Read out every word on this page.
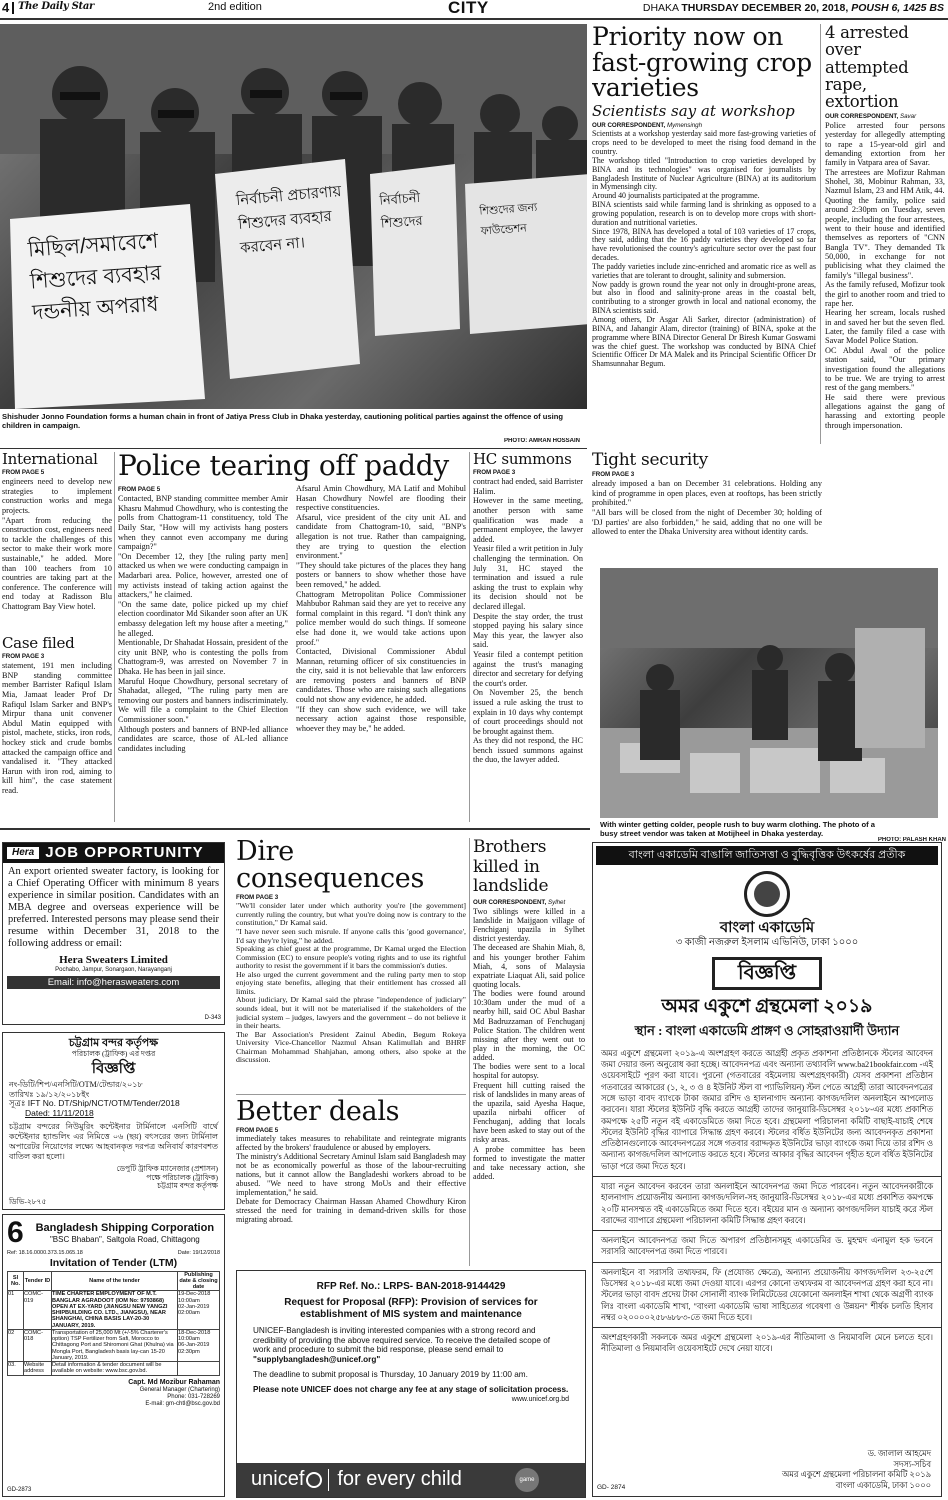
4 The Daily Star	2nd edition	CITY	DHAKA THURSDAY DECEMBER 20, 2018, POUSH 6, 1425 BS
মিছিল/সমাবেশে শিশুদের ব্যবহার দন্ডনীয় অপরাধ
নির্বাচনী প্রচারণায় শিশুদের ব্যবহার করবেন না।
নির্বাচনী শিশুদের
শিশুদের জন্য ফাউন্ডেশন
Shishuder Jonno Foundation forms a human chain in front of Jatiya Press Club in Dhaka yesterday, cautioning political parties against the offence of using children in campaign.
PHOTO: AMRAN HOSSAIN
Priority now on fast-growing crop varieties
Scientists say at workshop
OUR CORRESPONDENT, Mymensingh
Scientists at a workshop yesterday said more fast-growing varieties of crops need to be developed to meet the rising food demand in the country.
The workshop titled "Introduction to crop varieties developed by BINA and its technologies" was organised for journalists by Bangladesh Institute of Nuclear Agriculture (BINA) at its auditorium in Mymensingh city.
Around 40 journalists participated at the programme.
BINA scientists said while farming land is shrinking as opposed to a growing population, research is on to develop more crops with short-duration and nutritional varieties.
Since 1978, BINA has developed a total of 103 varieties of 17 crops, they said, adding that the 16 paddy varieties they developed so far have revolutionised the country's agriculture sector over the past four decades.
The paddy varieties include zinc-enriched and aromatic rice as well as varieties that are tolerant to drought, salinity and submersion.
Now paddy is grown round the year not only in drought-prone areas, but also in flood and salinity-prone areas in the coastal belt, contributing to a stronger growth in local and national economy, the BINA scientists said.
Among others, Dr Asgar Ali Sarker, director (administration) of BINA, and Jahangir Alam, director (training) of BINA, spoke at the programme where BINA Director General Dr Biresh Kumar Goswami was the chief guest. The workshop was conducted by BINA Chief Scientific Officer Dr MA Malek and its Principal Scientific Officer Dr Shamsunnahar Begum.
4 arrested over attempted rape, extortion
OUR CORRESPONDENT, Savar
Police arrested four persons yesterday for allegedly attempting to rape a 15-year-old girl and demanding extortion from her family in Vatpara area of Savar.
The arrestees are Mofizur Rahman Shohel, 38, Mobinur Rahman, 33, Nazmul Islam, 23 and HM Atik, 44.
Quoting the family, police said around 2:30pm on Tuesday, seven people, including the four arrestees, went to their house and identified themselves as reporters of "CNN Bangla TV". They demanded Tk 50,000, in exchange for not publicising what they claimed the family's "illegal business".
As the family refused, Mofizur took the girl to another room and tried to rape her.
Hearing her scream, locals rushed in and saved her but the seven fled. Later, the family filed a case with Savar Model Police Station.
OC Abdul Awal of the police station said, "Our primary investigation found the allegations to be true. We are trying to arrest rest of the gang members."
He said there were previous allegations against the gang of harassing and extorting people through impersonation.
International
FROM PAGE 5
engineers need to develop new strategies to implement construction works and mega projects.
"Apart from reducing the construction cost, engineers need to tackle the challenges of this sector to make their work more sustainable," he added. More than 100 teachers from 10 countries are taking part at the conference. The conference will end today at Radisson Blu Chattogram Bay View hotel.
Case filed
FROM PAGE 3
statement, 191 men including BNP standing committee member Barrister Rafiqul Islam Mia, Jamaat leader Prof Dr Rafiqul Islam Sarker and BNP's Mirpur thana unit convener Abdul Matin equipped with pistol, machete, sticks, iron rods, hockey stick and crude bombs attacked the campaign office and vandalised it. "They attacked Harun with iron rod, aiming to kill him", the case statement read.
Police tearing off paddy
FROM PAGE 5
Contacted, BNP standing committee member Amir Khasru Mahmud Chowdhury, who is contesting the polls from Chattogram-11 constituency, told The Daily Star, "How will my activists hang posters when they cannot even accompany me during campaign?"
"On December 12, they [the ruling party men] attacked us when we were conducting campaign in Madarbari area. Police, however, arrested one of my activists instead of taking action against the attackers," he claimed.
"On the same date, police picked up my chief election coordinator Md Sikander soon after an UK embassy delegation left my house after a meeting," he alleged.
Mentionable, Dr Shahadat Hossain, president of the city unit BNP, who is contesting the polls from Chattogram-9, was arrested on November 7 in Dhaka. He has been in jail since.
Maruful Hoque Chowdhury, personal secretary of Shahadat, alleged, "The ruling party men are removing our posters and banners indiscriminately. We will file a complaint to the Chief Election Commissioner soon."
Although posters and banners of BNP-led alliance candidates are scarce, those of AL-led alliance candidates including
Afsarul Amin Chowdhury, MA Latif and Mohibul Hasan Chowdhury Nowfel are flooding their respective constituencies.
Afsarul, vice president of the city unit AL and candidate from Chattogram-10, said, "BNP's allegation is not true. Rather than campaigning, they are trying to question the election environment."
"They should take pictures of the places they hang posters or banners to show whether those have been removed," he added.
Chattogram Metropolitan Police Commissioner Mahbubor Rahman said they are yet to receive any formal complaint in this regard. "I don't think any police member would do such things. If someone else had done it, we would take actions upon proof."
Contacted, Divisional Commissioner Abdul Mannan, returning officer of six constituencies in the city, said it is not believable that law enforcers are removing posters and banners of BNP candidates. Those who are raising such allegations could not show any evidence, he added.
"If they can show such evidence, we will take necessary action against those responsible, whoever they may be," he added.
HC summons
FROM PAGE 3
contract had ended, said Barrister Halim.
However in the same meeting, another person with same qualification was made a permanent employee, the lawyer added.
Yeasir filed a writ petition in July challenging the termination. On July 31, HC stayed the termination and issued a rule asking the trust to explain why its decision should not be declared illegal.
Despite the stay order, the trust stopped paying his salary since May this year, the lawyer also said.
Yeasir filed a contempt petition against the trust's managing director and secretary for defying the court's order.
On November 25, the bench issued a rule asking the trust to explain in 10 days why contempt of court proceedings should not be brought against them.
As they did not respond, the HC bench issued summons against the duo, the lawyer added.
Tight security
FROM PAGE 3
already imposed a ban on December 31 celebrations. Holding any kind of programme in open places, even at rooftops, has been strictly prohibited."
"All bars will be closed from the night of December 30; holding of 'DJ parties' are also forbidden," he said, adding that no one will be allowed to enter the Dhaka University area without identity cards.
With winter getting colder, people rush to buy warm clothing. The photo of a busy street vendor was taken at Motijheel in Dhaka yesterday.
PHOTO: PALASH KHAN
Hera JOB OPPORTUNITY
An export oriented sweater factory, is looking for a Chief Operating Officer with minimum 8 years experience in similar position. Candidates with an MBA degree and overseas experience will be preferred. Interested persons may please send their resume within December 31, 2018 to the following address or email:
Hera Sweaters Limited
Pochabo, Jampur, Sonargaon, Narayanganj
Email: info@herasweaters.com
D-343
চট্টগ্রাম বন্দর কর্তৃপক্ষ
পরিচালক (ট্রাফিক) এর দপ্তর
বিজ্ঞপ্তি
নং-ডিটি/শিপ/এনসিটি/OTM/টেন্ডার/২০১৮
তারিখঃ ১৯/১২/২০১৮ইং
সূত্রঃ IFT No. DT/Ship/NCT/OTM/Tender/2018
Dated: 11/11/2018
চট্টগ্রাম বন্দরের নিউমুরিং কন্টেইনার টার্মিনালে এনসিটি বার্থে কন্টেইনার হ্যান্ডলিং এর নিমিত্তে ০৬ (ছয়) বৎসরের জন্য টার্মিনাল অপারেটর নিয়োগের লক্ষ্যে আহবানকৃত দরপত্র অনিবার্য কারণবশত বাতিল করা হলো।
ডেপুটি ট্রাফিক ম্যানেজার (প্রশাসন)
পক্ষে পরিচালক (ট্রাফিক)
চট্টগ্রাম বন্দর কর্তৃপক্ষ
ডিভি-২৮৭৫
6	Bangladesh Shipping Corporation
"BSC Bhaban", Saltgola Road, Chittagong
Ref: 18.16.0000.373.15.065.18	Date: 19/12/2018
Invitation of Tender (LTM)
Sl No.	Tender ID	Name of the tender	Publishing date & closing date
01	COMC-019	TIME CHARTER EMPLOYMENT OF M.T. BANGLAR AGRADOOT (IOM No: 9793868) OPEN AT EX-YARD (JIANGSU NEW YANGZI SHIPBUILDING CO. LTD., JIANGSU), NEAR SHANGHAI, CHINA BASIS LAY-20-30 JANUARY, 2019.	19-Dec-2018
10:00am
02-Jan-2019
02:00am
02	COMC-018	Transportation of 25,000 Mt (+/-5% Charterer's option) TSP Fertilizer from Safi, Morocco to Chittagong Port and Shiromoni Ghat (Khulna) via Mongla Port, Bangladesh basis lay-can 15-20 January, 2019.	18-Dec-2018
10:00am
06-Jan-2019
02:30pm
03.	Website address	Detail information & tender document will be available on website: www.bsc.gov.bd.	
Capt. Md Mozibur Rahaman
General Manager (Chartering)
Phone: 031-728269
E-mail: gm-chtl@bsc.gov.bd
GD-2873
Dire consequences
FROM PAGE 3
"We'll consider later under which authority you're [the government] currently ruling the country, but what you're doing now is contrary to the constitution," Dr Kamal said.
"I have never seen such misrule. If anyone calls this 'good governance', I'd say they're lying," he added.
Speaking as chief guest at the programme, Dr Kamal urged the Election Commission (EC) to ensure people's voting rights and to use its rightful authority to resist the government if it bars the commission's duties.
He also urged the current government and the ruling party men to stop enjoying state benefits, alleging that their entitlement has crossed all limits.
About judiciary, Dr Kamal said the phrase "independence of judiciary" sounds ideal, but it will not be materialised if the stakeholders of the judicial system – judges, lawyers and the government – do not believe it in their hearts.
The Bar Association's President Zainul Abedin, Begum Rokeya University Vice-Chancellor Nazmul Ahsan Kalimullah and BHRF Chairman Mohammad Shahjahan, among others, also spoke at the discussion.
Better deals
FROM PAGE 5
immediately takes measures to rehabilitate and reintegrate migrants affected by the brokers' fraudulence or abused by employers.
The ministry's Additional Secretary Aminul Islam said Bangladesh may not be as economically powerful as those of the labour-recruiting nations, but it cannot allow the Bangladeshi workers abroad to be abused. "We need to have strong MoUs and their effective implementation," he said.
Debate for Democracy Chairman Hassan Ahamed Chowdhury Kiron stressed the need for training in demand-driven skills for those migrating abroad.
Brothers killed in landslide
OUR CORRESPONDENT, Sylhet
Two siblings were killed in a landslide in Maijgaon village of Fenchiganj upazila in Sylhet district yesterday.
The deceased are Shahin Miah, 8, and his younger brother Fahim Miah, 4, sons of Malaysia expatriate Liaquat Ali, said police quoting locals.
The bodies were found around 10:30am under the mud of a nearby hill, said OC Abul Bashar Md Badruzzaman of Fenchuganj Police Station. The children went missing after they went out to play in the morning, the OC added.
The bodies were sent to a local hospital for autopsy.
Frequent hill cutting raised the risk of landslides in many areas of the upazila, said Ayesha Haque, upazila nirbahi officer of Fenchuganj, adding that locals have been asked to stay out of the risky areas.
A probe committee has been formed to investigate the matter and take necessary action, she added.
RFP Ref. No.: LRPS- BAN-2018-9144429
Request for Proposal (RFP): Provision of services for establishment of MIS system and maintenance
UNICEF-Bangladesh is inviting interested companies with a strong record and credibility of providing the above required service. To receive the detailed scope of work and procedure to submit the bid response, please send email to "supplybangladesh@unicef.org"
The deadline to submit proposal is Thursday, 10 January 2019 by 11:00 am.
Please note UNICEF does not charge any fee at any stage of solicitation process.
www.unicef.org.bd
unicef for every child	game
বাংলা একাডেমি বাঙালি জাতিসত্তা ও বুদ্ধিবৃত্তিক উৎকর্ষের প্রতীক
বাংলা একাডেমি
৩ কাজী নজরুল ইসলাম এভিনিউ, ঢাকা ১০০০
বিজ্ঞপ্তি
অমর একুশে গ্রন্থমেলা ২০১৯
স্থান : বাংলা একাডেমি প্রাঙ্গণ ও সোহরাওয়ার্দী উদ্যান
অমর একুশে গ্রন্থমেলা ২০১৯-এ অংশগ্রহণ করতে আগ্রহী প্রকৃত প্রকাশনা প্রতিষ্ঠানকে স্টলের আবেদন জমা দেয়ার জন্য অনুরোধ করা হচ্ছে। আবেদনপত্র এবং অন্যান্য তথ্যাবলি www.ba21bookfair.com -এই ওয়েবসাইটে পূরণ করা যাবে। পুরনো (গতবারের বইমেলায় অংশগ্রহণকারী) যেসব প্রকাশনা প্রতিষ্ঠান গতবারের আকারের (১, ২, ৩ ও ৪ ইউনিট স্টল বা প্যাভিলিয়ন) স্টল পেতে আগ্রহী তারা আবেদনপত্রের সঙ্গে ভাড়া বাবদ ব্যাংকে টাকা জমার রশিদ ও হালনাগাদ অন্যান্য কাগজ/দলিল অনলাইনে আপলোড করবেন। যারা স্টলের ইউনিট বৃদ্ধি করতে আগ্রহী তাদের জানুয়ারি-ডিসেম্বর ২০১৮-এর মধ্যে প্রকাশিত কমপক্ষে ২৫টি নতুন বই একাডেমিতে জমা দিতে হবে। গ্রন্থমেলা পরিচালনা কমিটি বাছাই-যাচাই শেষে স্টলের ইউনিট বৃদ্ধির ব্যাপারে সিদ্ধান্ত গ্রহণ করবে। স্টলের বর্ধিত ইউনিটের জন্য আবেদনকৃত প্রকাশনা প্রতিষ্ঠানগুলোকে আবেদনপত্রের সঙ্গে গতবার বরাদ্দকৃত ইউনিটের ভাড়া ব্যাংকে জমা দিয়ে তার রশিদ ও অন্যান্য কাগজ/দলিল আপলোড করতে হবে। স্টলের আকার বৃদ্ধির আবেদন গৃহীত হলে বর্ধিত ইউনিটের ভাড়া পরে জমা দিতে হবে।
যারা নতুন আবেদন করবেন তারা অনলাইনে আবেদনপত্র জমা দিতে পারবেন। নতুন আবেদনকারীকে হালনাগাদ প্রয়োজনীয় অন্যান্য কাগজ/দলিল-সহ জানুয়ারি-ডিসেম্বর ২০১৮-এর মধ্যে প্রকাশিত কমপক্ষে ২০টি মানসম্মত বই একাডেমিতে জমা দিতে হবে। বইয়ের মান ও অন্যান্য কাগজ/দলিল যাচাই করে স্টল বরাদ্দের ব্যাপারে গ্রন্থমেলা পরিচালনা কমিটি সিদ্ধান্ত গ্রহণ করবে।
অনলাইনে আবেদনপত্র জমা দিতে অপারগ প্রতিষ্ঠানসমূহ একাডেমির ড. মুহম্মদ এনামুল হক ভবনে সরাসরি আবেদনপত্র জমা দিতে পারবে।
অনলাইনে বা সরাসরি তথ্যফরম, ফি (প্রযোজ্য ক্ষেত্রে), অন্যান্য প্রয়োজনীয় কাগজ/দলিল ২৩-২৫শে ডিসেম্বর ২০১৮-এর মধ্যে জমা দেওয়া যাবে। এরপর কোনো তথ্যফরম বা আবেদনপত্র গ্রহণ করা হবে না। স্টলের ভাড়া বাবদ প্রদেয় টাকা সোনালী ব্যাংক লিমিটেডের যেকোনো অনলাইন শাখা থেকে অগ্রণী ব্যাংক লিঃ বাংলা একাডেমি শাখা, "বাংলা একাডেমি ভাষা সাহিত্যের গবেষণা ও উন্নয়ন" শীর্ষক চলতি হিসাব নম্বর ০২০০০০২৫৮৬৮৮৩-তে জমা দিতে হবে।
অংশগ্রহণকারী সকলকে অমর একুশে গ্রন্থমেলা ২০১৯-এর নীতিমালা ও নিয়মাবলি মেনে চলতে হবে। নীতিমালা ও নিয়মাবলি ওয়েবসাইটে দেখে নেয়া যাবে।
ড. জালাল আহমেদ
সদস্য-সচিব
অমর একুশে গ্রন্থমেলা পরিচালনা কমিটি ২০১৯
বাংলা একাডেমি, ঢাকা ১০০০
GD- 2874
